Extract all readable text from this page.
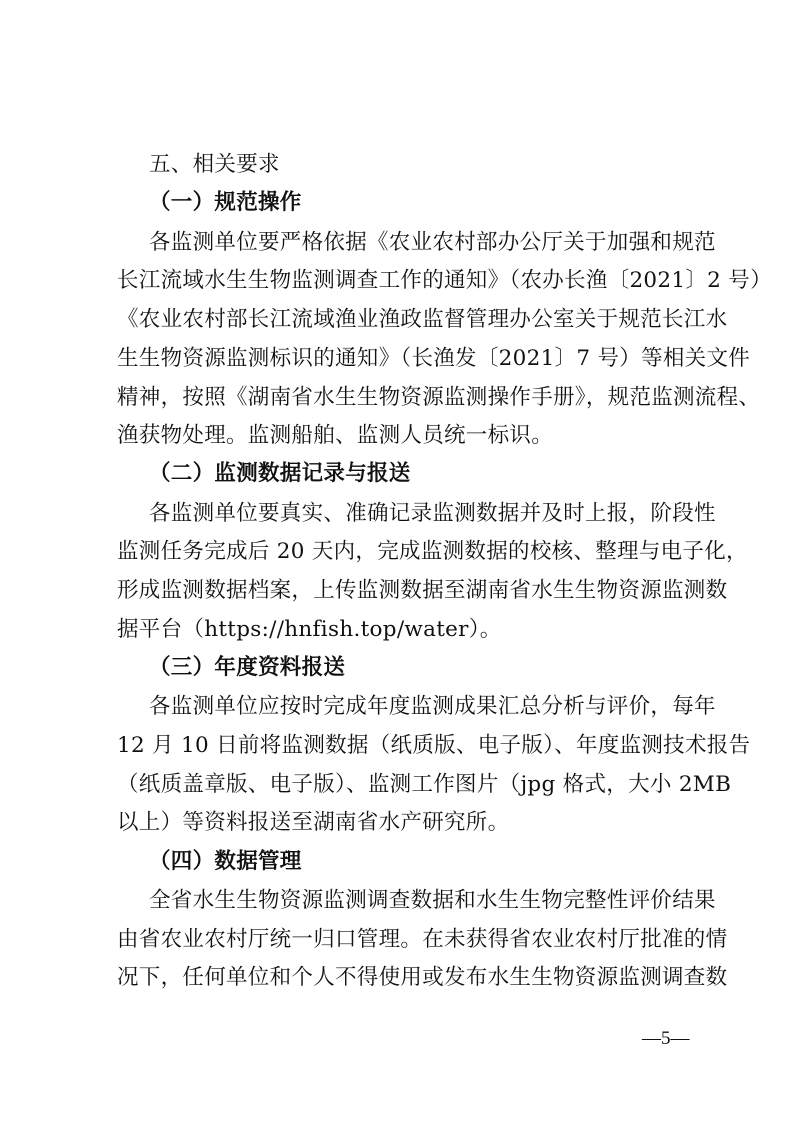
五、相关要求
（一）规范操作
各监测单位要严格依据《农业农村部办公厅关于加强和规范
长江流域水生生物监测调查工作的通知》（农办长渔〔2021〕2 号）
《农业农村部长江流域渔业渔政监督管理办公室关于规范长江水
生生物资源监测标识的通知》（长渔发〔2021〕7 号）等相关文件
精神，按照《湖南省水生生物资源监测操作手册》，规范监测流程、
渔获物处理。监测船舶、监测人员统一标识。
（二）监测数据记录与报送
各监测单位要真实、准确记录监测数据并及时上报，阶段性
监测任务完成后 20 天内，完成监测数据的校核、整理与电子化，
形成监测数据档案，上传监测数据至湖南省水生生物资源监测数
据平台（https://hnfish.top/water）。
（三）年度资料报送
各监测单位应按时完成年度监测成果汇总分析与评价，每年
12 月 10 日前将监测数据（纸质版、电子版）、年度监测技术报告
（纸质盖章版、电子版）、监测工作图片（jpg 格式，大小 2MB
以上）等资料报送至湖南省水产研究所。
（四）数据管理
全省水生生物资源监测调查数据和水生生物完整性评价结果
由省农业农村厅统一归口管理。在未获得省农业农村厅批准的情
况下，任何单位和个人不得使用或发布水生生物资源监测调查数
—5—
